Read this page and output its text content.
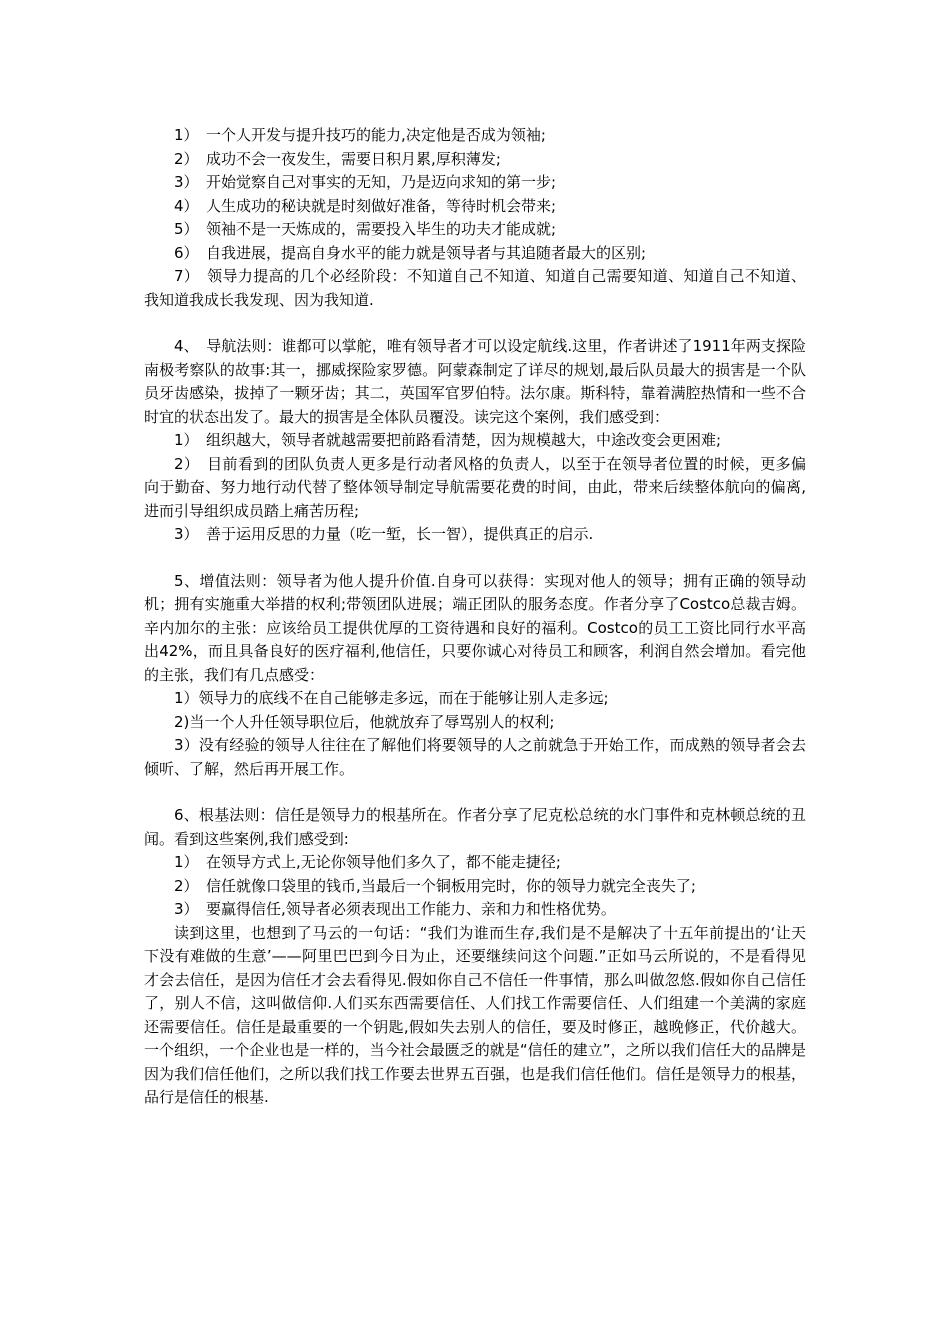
1）　一个人开发与提升技巧的能力,决定他是否成为领袖;

2）　成功不会一夜发生，需要日积月累,厚积薄发;

3）　开始觉察自己对事实的无知，乃是迈向求知的第一步;

4）　人生成功的秘诀就是时刻做好准备，等待时机会带来;

5）　领袖不是一天炼成的，需要投入毕生的功夫才能成就;

6）　自我进展，提高自身水平的能力就是领导者与其追随者最大的区别;

7）　领导力提高的几个必经阶段：不知道自己不知道、知道自己需要知道、知道自己不知道、我知道我成长我发现、因为我知道.

4、　导航法则：谁都可以掌舵，唯有领导者才可以设定航线.这里，作者讲述了1911年两支探险南极考察队的故事:其一，挪威探险家罗德。阿蒙森制定了详尽的规划,最后队员最大的损害是一个队员牙齿感染，拔掉了一颗牙齿；其二，英国军官罗伯特。法尔康。斯科特，靠着满腔热情和一些不合时宜的状态出发了。最大的损害是全体队员覆没。读完这个案例，我们感受到：

1）　组织越大，领导者就越需要把前路看清楚，因为规模越大，中途改变会更困难;

2）　目前看到的团队负责人更多是行动者风格的负责人，以至于在领导者位置的时候，更多偏向于勤奋、努力地行动代替了整体领导制定导航需要花费的时间，由此，带来后续整体航向的偏离,进而引导组织成员踏上痛苦历程;

3）　善于运用反思的力量（吃一堑，长一智），提供真正的启示.

5、增值法则：领导者为他人提升价值.自身可以获得：实现对他人的领导；拥有正确的领导动机；拥有实施重大举措的权利;带领团队进展；端正团队的服务态度。作者分享了Costco总裁吉姆。辛内加尔的主张：应该给员工提供优厚的工资待遇和良好的福利。Costco的员工工资比同行水平高出42%，而且具备良好的医疗福利,他信任，只要你诚心对待员工和顾客，利润自然会增加。看完他的主张，我们有几点感受：

1）领导力的底线不在自己能够走多远，而在于能够让别人走多远;

2)当一个人升任领导职位后，他就放弃了辱骂别人的权利;

3）没有经验的领导人往往在了解他们将要领导的人之前就急于开始工作，而成熟的领导者会去倾听、了解，然后再开展工作。

6、根基法则：信任是领导力的根基所在。作者分享了尼克松总统的水门事件和克林顿总统的丑闻。看到这些案例,我们感受到:

1）　在领导方式上,无论你领导他们多久了，都不能走捷径;

2）　信任就像口袋里的钱币,当最后一个铜板用完时，你的领导力就完全丧失了;

3）　要赢得信任,领导者必须表现出工作能力、亲和力和性格优势。

读到这里，也想到了马云的一句话：“我们为谁而生存,我们是不是解决了十五年前提出的‘让天下没有难做的生意’——阿里巴巴到今日为止，还要继续问这个问题.”正如马云所说的，不是看得见才会去信任，是因为信任才会去看得见.假如你自己不信任一件事情，那么叫做忽悠.假如你自己信任了，别人不信，这叫做信仰.人们买东西需要信任、人们找工作需要信任、人们组建一个美满的家庭还需要信任。信任是最重要的一个钥匙,假如失去别人的信任，要及时修正，越晚修正，代价越大。一个组织，一个企业也是一样的，当今社会最匮乏的就是“信任的建立”，之所以我们信任大的品牌是因为我们信任他们，之所以我们找工作要去世界五百强，也是我们信任他们。信任是领导力的根基，品行是信任的根基.
